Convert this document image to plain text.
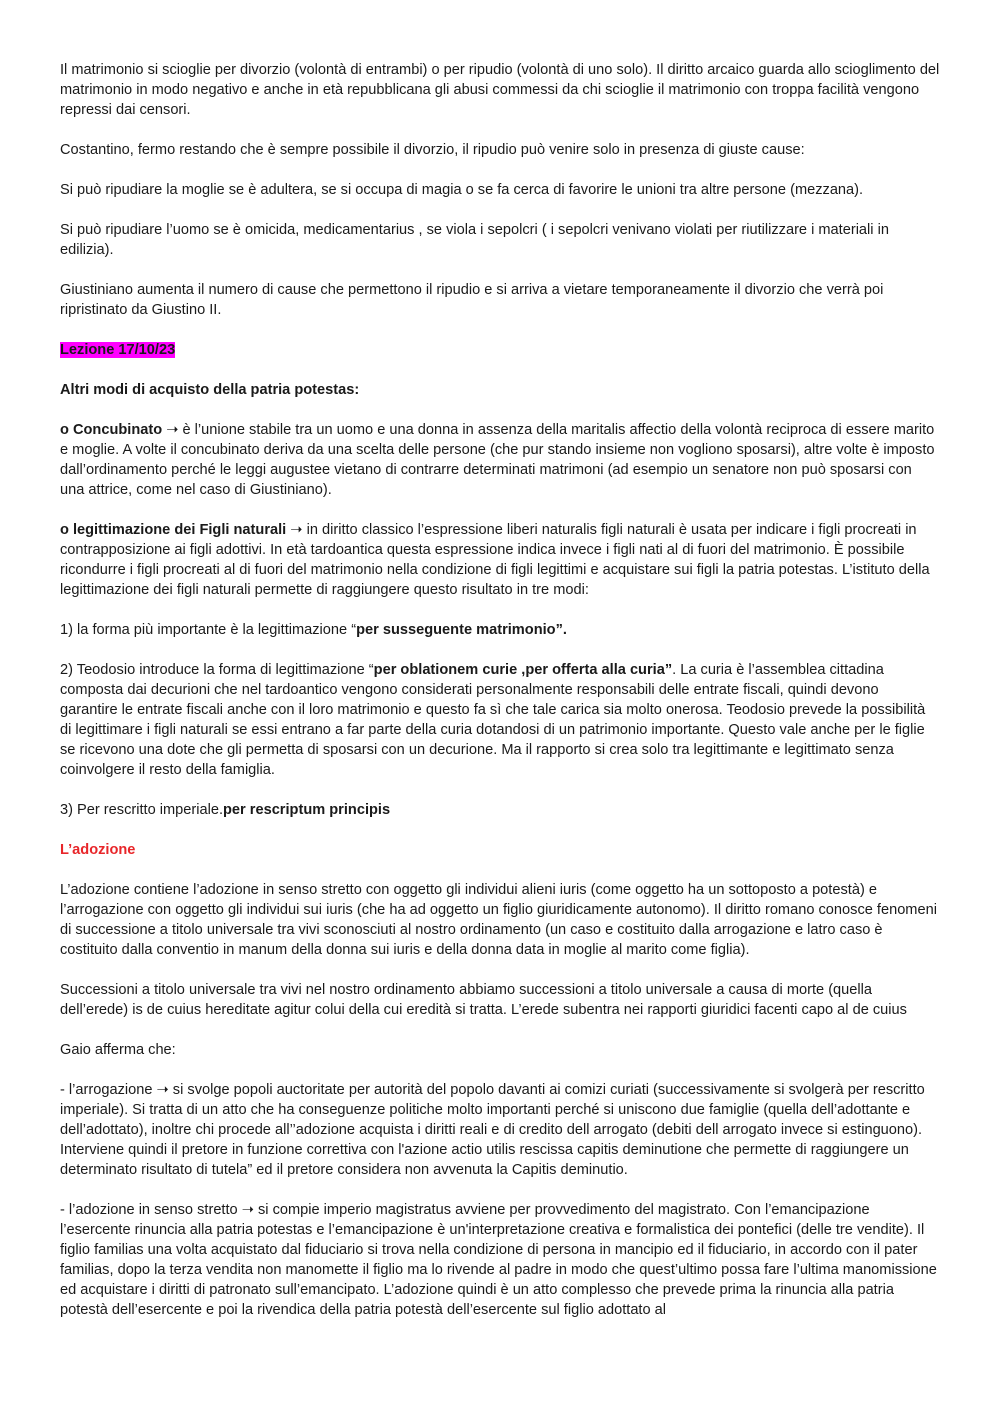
Il matrimonio si scioglie per divorzio (volontà di entrambi) o per ripudio (volontà di uno solo). Il diritto arcaico guarda allo scioglimento del matrimonio in modo negativo e anche in età repubblicana gli abusi commessi da chi scioglie il matrimonio con troppa facilità vengono repressi dai censori.

Costantino, fermo restando che è sempre possibile il divorzio, il ripudio può venire solo in presenza di giuste cause:

Si può ripudiare la moglie se è adultera, se si occupa di magia o se fa cerca di favorire le unioni tra altre persone (mezzana).

Si può ripudiare l’uomo se è omicida, medicamentarius , se viola i sepolcri ( i sepolcri venivano violati per riutilizzare i materiali in edilizia).

Giustiniano aumenta il numero di cause che permettono il ripudio e si arriva a vietare temporaneamente il divorzio che verrà poi ripristinato da Giustino II.

Lezione 17/10/23

Altri modi di acquisto della patria potestas:

o Concubinato ➝ è l’unione stabile tra un uomo e una donna in assenza della maritalis affectio della volontà reciproca di essere marito e moglie. A volte il concubinato deriva da una scelta delle persone (che pur stando insieme non vogliono sposarsi), altre volte è imposto dall’ordinamento perché le leggi augustee vietano di contrarre determinati matrimoni (ad esempio un senatore non può sposarsi con una attrice, come nel caso di Giustiniano).

o legittimazione dei Figli naturali ➝ in diritto classico l’espressione liberi naturalis figli naturali è usata per indicare i figli procreati in contrapposizione ai figli adottivi. In età tardoantica questa espressione indica invece i figli nati al di fuori del matrimonio. È possibile ricondurre i figli procreati al di fuori del matrimonio nella condizione di figli legittimi e acquistare sui figli la patria potestas. L’istituto della legittimazione dei figli naturali permette di raggiungere questo risultato in tre modi:

1) la forma più importante è la legittimazione “per susseguente matrimonio”.

2) Teodosio introduce la forma di legittimazione “per oblationem curie ,per offerta alla curia”. La curia è l’assemblea cittadina composta dai decurioni che nel tardoantico vengono considerati personalmente responsabili delle entrate fiscali, quindi devono garantire le entrate fiscali anche con il loro matrimonio e questo fa sì che tale carica sia molto onerosa. Teodosio prevede la possibilità di legittimare i figli naturali se essi entrano a far parte della curia dotandosi di un patrimonio importante. Questo vale anche per le figlie se ricevono una dote che gli permetta di sposarsi con un decurione. Ma il rapporto si crea solo tra legittimante e legittimato senza coinvolgere il resto della famiglia.

3) Per rescritto imperiale.per rescriptum principis

L’adozione

L’adozione contiene l’adozione in senso stretto con oggetto gli individui alieni iuris (come oggetto ha un sottoposto a potestà) e l’arrogazione con oggetto gli individui sui iuris (che ha ad oggetto un figlio giuridicamente autonomo). Il diritto romano conosce fenomeni di successione a titolo universale tra vivi sconosciuti al nostro ordinamento (un caso e costituito dalla arrogazione e latro caso è costituito dalla conventio in manum della donna sui iuris e della donna data in moglie al marito come figlia).

Successioni a titolo universale tra vivi nel nostro ordinamento abbiamo successioni a titolo universale a causa di morte (quella dell’erede) is de cuius hereditate agitur colui della cui eredità si tratta. L’erede subentra nei rapporti giuridici facenti capo al de cuius

Gaio afferma che:

- l’arrogazione ➝ si svolge popoli auctoritate per autorità del popolo davanti ai comizi curiati (successivamente si svolgerà per rescritto imperiale). Si tratta di un atto che ha conseguenze politiche molto importanti perché si uniscono due famiglie (quella dell’adottante e dell’adottato), inoltre chi procede all’’adozione acquista i diritti reali e di credito dell arrogato (debiti dell arrogato invece si estinguono). Interviene quindi il pretore in funzione correttiva con l'azione actio utilis rescissa capitis deminutione che permette di raggiungere un determinato risultato di tutela” ed il pretore considera non avvenuta la Capitis deminutio.

- l’adozione in senso stretto ➝ si compie imperio magistratus avviene per provvedimento del magistrato. Con l’emancipazione l’esercente rinuncia alla patria potestas e l’emancipazione è un'interpretazione creativa e formalistica dei pontefici (delle tre vendite). Il figlio familias una volta acquistato dal fiduciario si trova nella condizione di persona in mancipio ed il fiduciario, in accordo con il pater familias, dopo la terza vendita non manomette il figlio ma lo rivende al padre in modo che quest’ultimo possa fare l’ultima manomissione ed acquistare i diritti di patronato sull’emancipato. L’adozione quindi è un atto complesso che prevede prima la rinuncia alla patria potestà dell’esercente e poi la rivendica della patria potestà dell’esercente sul figlio adottato al
